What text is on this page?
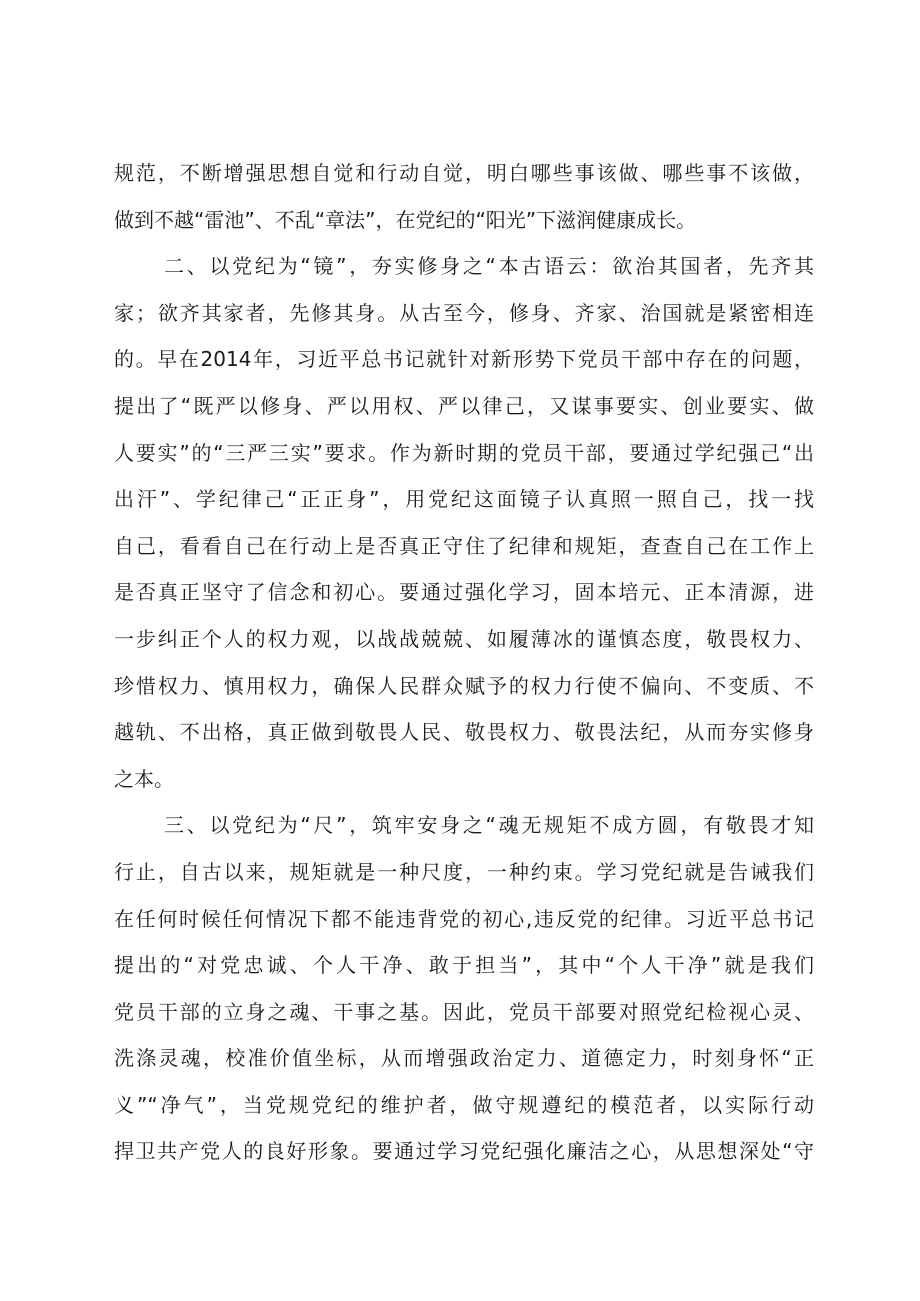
规范，不断增强思想自觉和行动自觉，明白哪些事该做、哪些事不该做，
做到不越“雷池”、不乱“章法”，在党纪的“阳光”下滋润健康成长。
二、以党纪为“镜”，夯实修身之“本古语云：欲治其国者，先齐其
家；欲齐其家者，先修其身。从古至今，修身、齐家、治国就是紧密相连
的。早在2014年，习近平总书记就针对新形势下党员干部中存在的问题，
提出了“既严以修身、严以用权、严以律己，又谋事要实、创业要实、做
人要实”的“三严三实”要求。作为新时期的党员干部，要通过学纪强己“出
出汗”、学纪律己“正正身”，用党纪这面镜子认真照一照自己，找一找
自己，看看自己在行动上是否真正守住了纪律和规矩，查查自己在工作上
是否真正坚守了信念和初心。要通过强化学习，固本培元、正本清源，进
一步纠正个人的权力观，以战战兢兢、如履薄冰的谨慎态度，敬畏权力、
珍惜权力、慎用权力，确保人民群众赋予的权力行使不偏向、不变质、不
越轨、不出格，真正做到敬畏人民、敬畏权力、敬畏法纪，从而夯实修身
之本。
三、以党纪为“尺”，筑牢安身之“魂无规矩不成方圆，有敬畏才知
行止，自古以来，规矩就是一种尺度，一种约束。学习党纪就是告诫我们
在任何时候任何情况下都不能违背党的初心,违反党的纪律。习近平总书记
提出的“对党忠诚、个人干净、敢于担当”，其中“个人干净”就是我们
党员干部的立身之魂、干事之基。因此，党员干部要对照党纪检视心灵、
洗涤灵魂，校准价值坐标，从而增强政治定力、道德定力，时刻身怀“正
义”“净气”，当党规党纪的维护者，做守规遵纪的模范者，以实际行动
捍卫共产党人的良好形象。要通过学习党纪强化廉洁之心，从思想深处“守
